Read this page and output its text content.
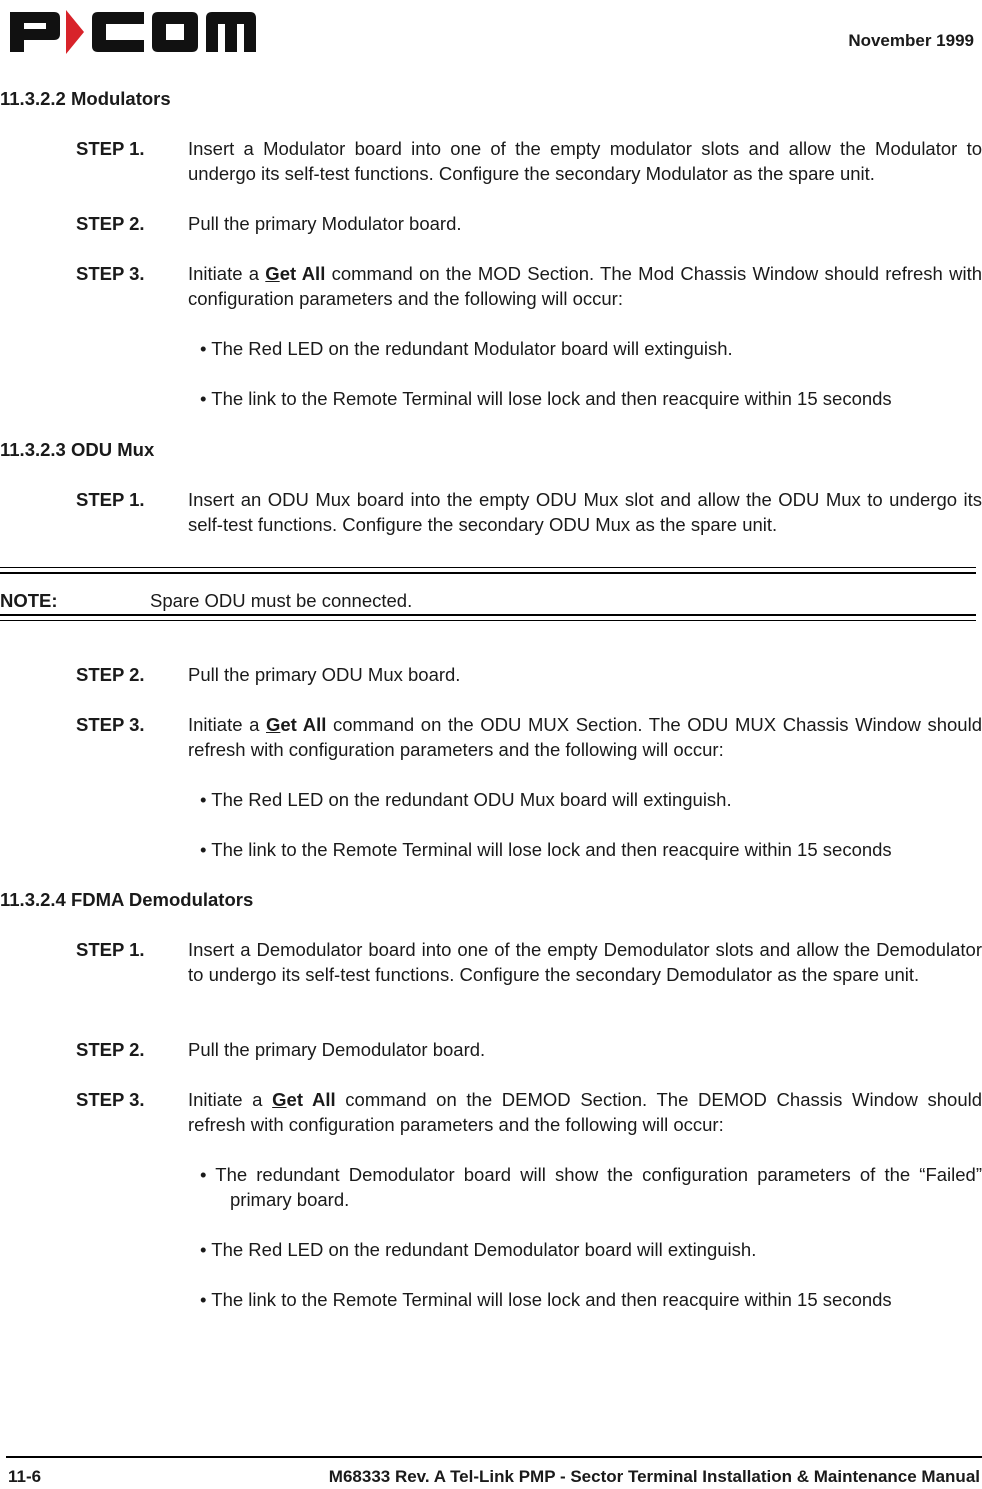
November 1999
11.3.2.2 Modulators
STEP 1. Insert a Modulator board into one of the empty modulator slots and allow the Modulator to undergo its self-test functions. Configure the secondary Modulator as the spare unit.
STEP 2. Pull the primary Modulator board.
STEP 3. Initiate a Get All command on the MOD Section. The Mod Chassis Window should refresh with configuration parameters and the following will occur:
• The Red LED on the redundant Modulator board will extinguish.
• The link to the Remote Terminal will lose lock and then reacquire within 15 seconds
11.3.2.3 ODU Mux
STEP 1. Insert an ODU Mux board into the empty ODU Mux slot and allow the ODU Mux to undergo its self-test functions. Configure the secondary ODU Mux as the spare unit.
NOTE:	Spare ODU must be connected.
STEP 2. Pull the primary ODU Mux board.
STEP 3. Initiate a Get All command on the ODU MUX Section. The ODU MUX Chassis Window should refresh with configuration parameters and the following will occur:
• The Red LED on the redundant ODU Mux board will extinguish.
• The link to the Remote Terminal will lose lock and then reacquire within 15 seconds
11.3.2.4 FDMA Demodulators
STEP 1. Insert a Demodulator board into one of the empty Demodulator slots and allow the Demodulator to undergo its self-test functions. Configure the secondary Demodulator as the spare unit.
STEP 2. Pull the primary Demodulator board.
STEP 3. Initiate a Get All command on the DEMOD Section. The DEMOD Chassis Window should refresh with configuration parameters and the following will occur:
• The redundant Demodulator board will show the configuration parameters of the “Failed” primary board.
• The Red LED on the redundant Demodulator board will extinguish.
• The link to the Remote Terminal will lose lock and then reacquire within 15 seconds
11-6	M68333 Rev. A Tel-Link PMP - Sector Terminal Installation & Maintenance Manual
